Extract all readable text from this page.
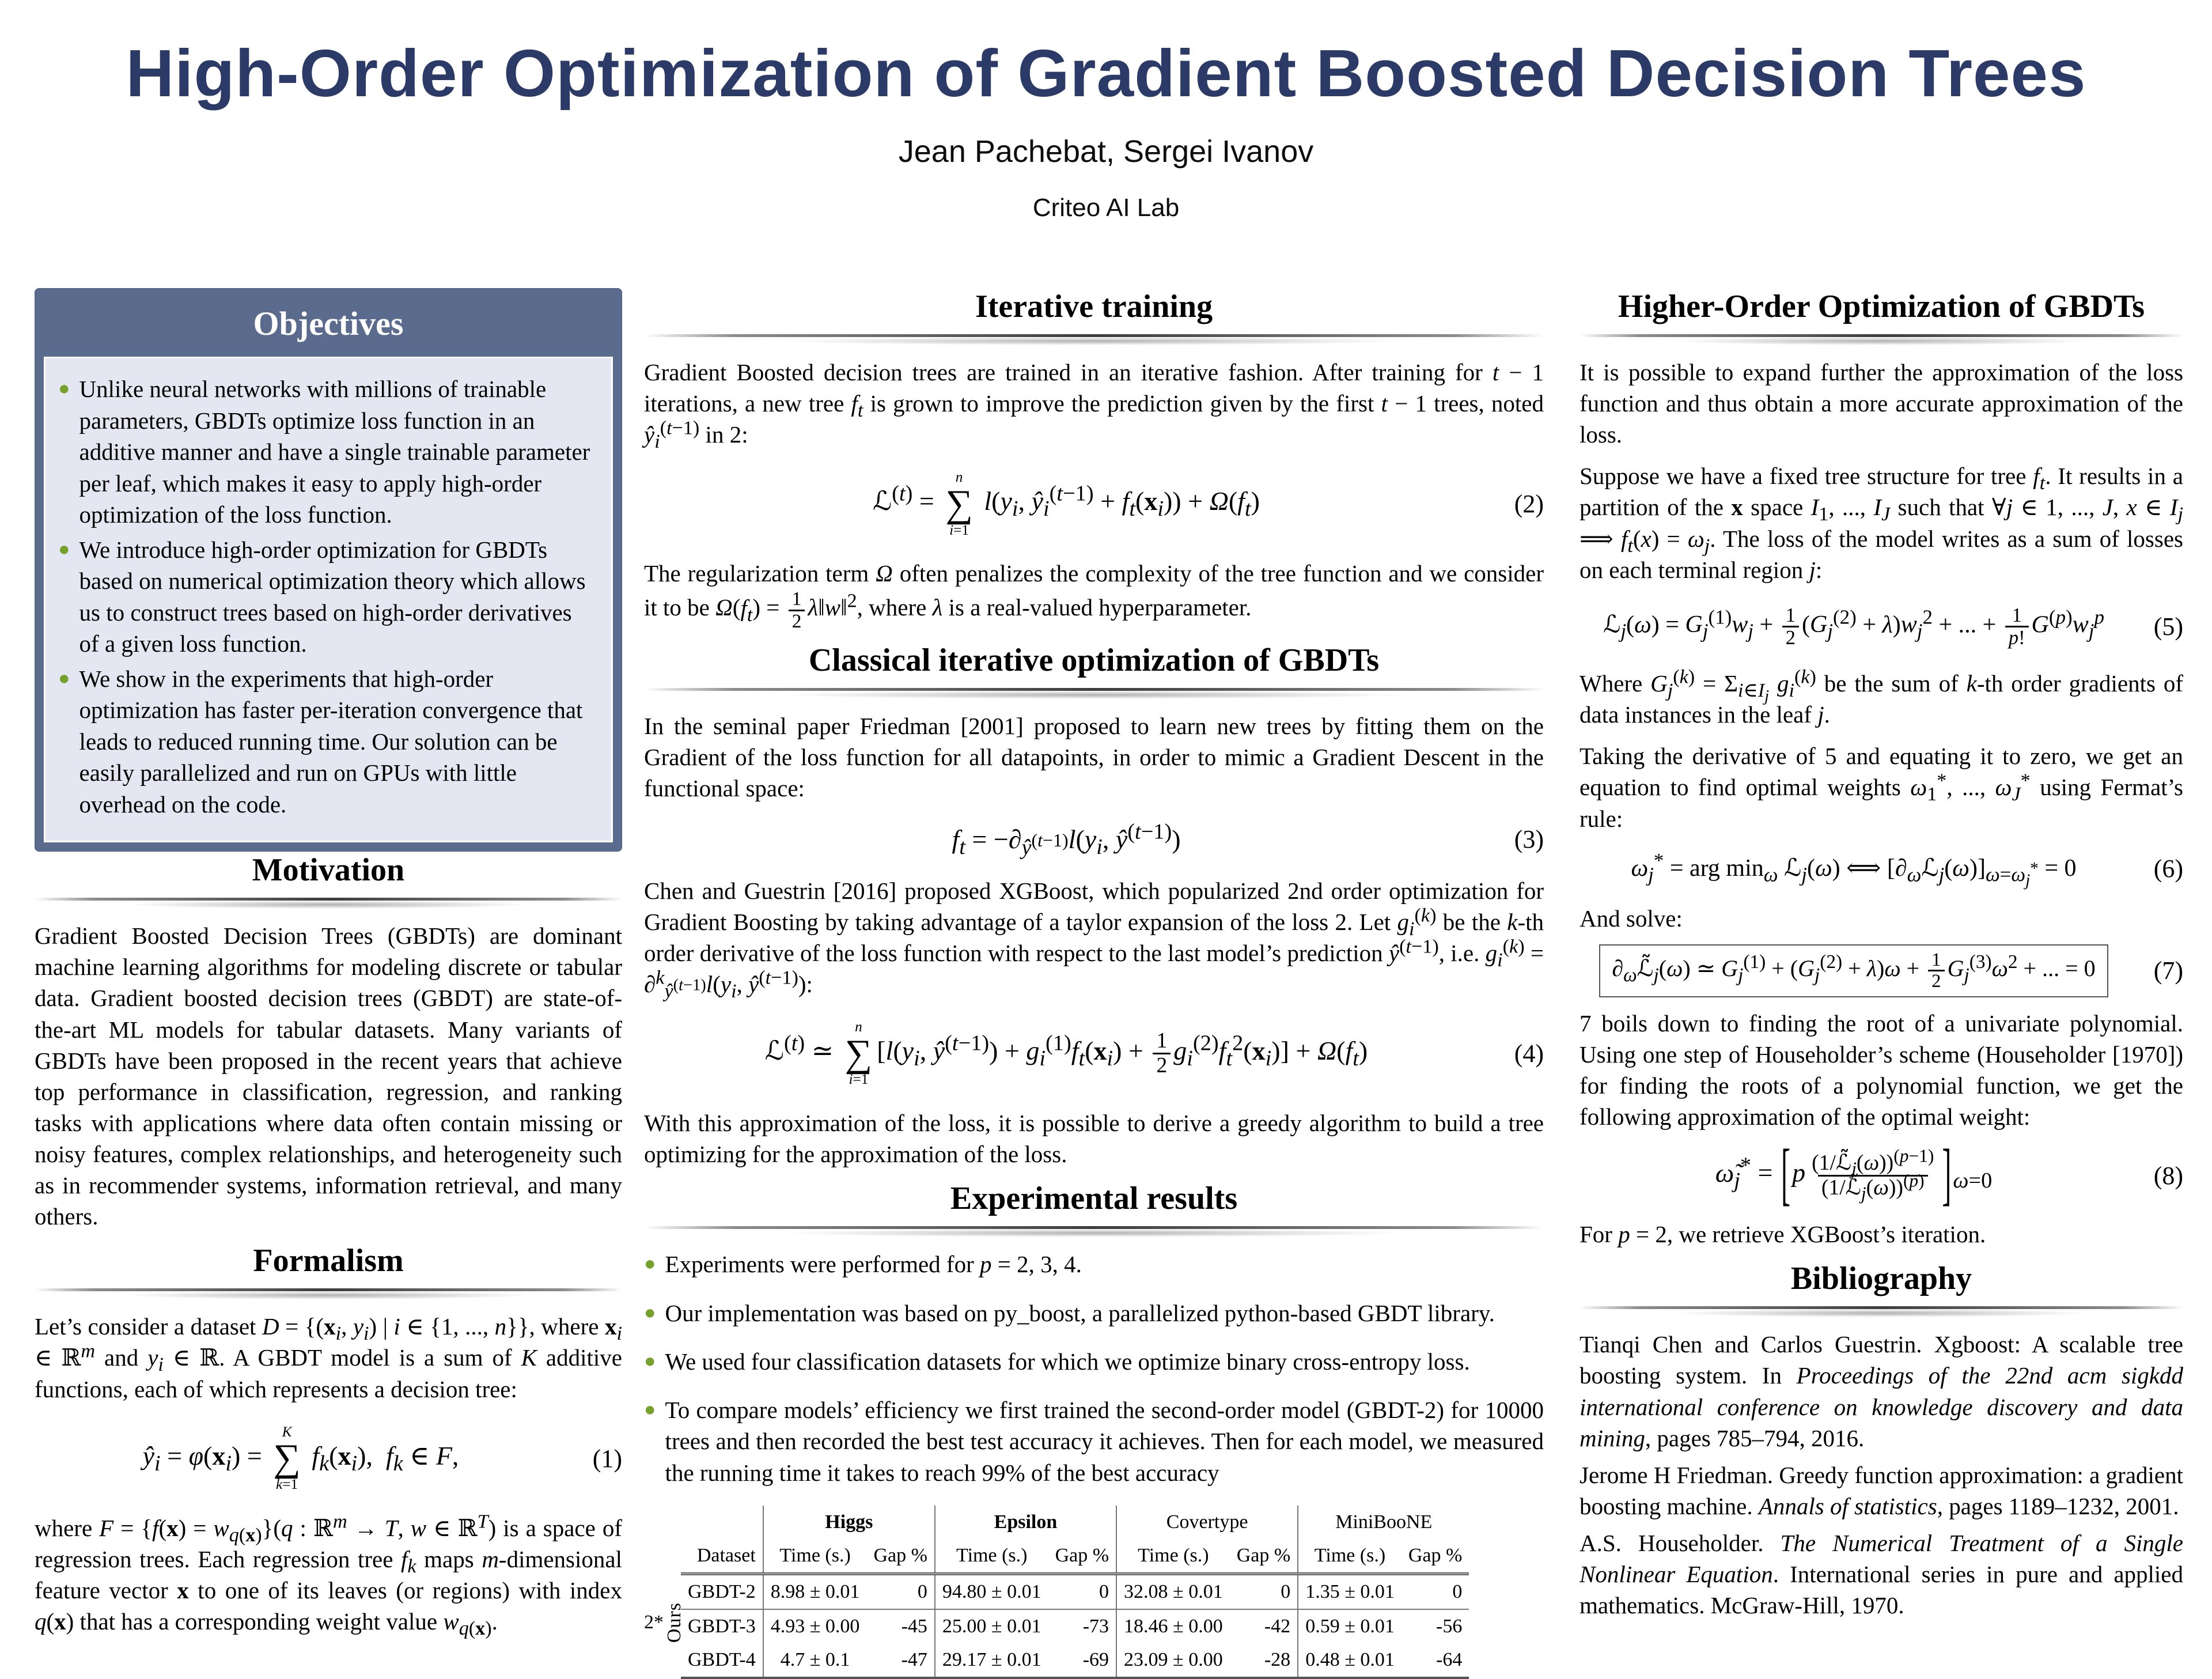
High-Order Optimization of Gradient Boosted Decision Trees
Jean Pachebat, Sergei Ivanov
Criteo AI Lab
Objectives
● Unlike neural networks with millions of trainable parameters, GBDTs optimize loss function in an additive manner and have a single trainable parameter per leaf, which makes it easy to apply high-order optimization of the loss function.
● We introduce high-order optimization for GBDTs based on numerical optimization theory which allows us to construct trees based on high-order derivatives of a given loss function.
● We show in the experiments that high-order optimization has faster per-iteration convergence that leads to reduced running time. Our solution can be easily parallelized and run on GPUs with little overhead on the code.
Motivation

Gradient Boosted Decision Trees (GBDTs) are dominant machine learning algorithms for modeling discrete or tabular data. Gradient boosted decision trees (GBDT) are state-of-the-art ML models for tabular datasets. Many variants of GBDTs have been proposed in the recent years that achieve top performance in classification, regression, and ranking tasks with applications where data often contain missing or noisy features, complex relationships, and heterogeneity such as in recommender systems, information retrieval, and many others.

Formalism

Let’s consider a dataset $D = \{(x_i$, $y_i$) | i ∈ {1, ..., n}}, where $x_i$ ∈ ℝ$^m$ and $y_i$ ∈ ℝ. A GBDT model is a sum of K additive functions, each of which represents a decision tree:

$ŷ_i = \varphi(x_i)$ =
K
∑
k=1
$f_k(x_i)$,  $f_k$ ∈ F,	(1)

where $F = \{f(x) = w_{q(x)}\}(q$ : ℝ$^m$ → T, w ∈ ℝ$^T$) is a space of regression trees. Each regression tree $f_k$ maps m-dimensional feature vector x to one of its leaves (or regions) with index q(x) that has a corresponding weight value $w_{q(x)}$.

Iterative training

Gradient Boosted decision trees are trained in an iterative fashion. After training for t − 1 iterations, a new tree $f_t$ is grown to improve the prediction given by the first t − 1 trees, noted $ŷ_i^{(t-1)}$ in 2:

ℒ$^{(t)}$ =
n
∑
i=1
$l(y_i$, $ŷ_i^{(t-1)} + f_t(x_i)) + \Omega(f_t)$	(2)

The regularization term Ω often penalizes the complexity of the tree function and we consider it to be $\Omega(f_t) = \frac{1}{2}$ λ‖w‖$^2$, where λ is a real-valued hyperparameter.

Classical iterative optimization of GBDTs

In the seminal paper Friedman [2001] proposed to learn new trees by fitting them on the Gradient of the loss function for all datapoints, in order to mimic a Gradient Descent in the functional space:

$f_t = -\partial_{ŷ^{(t-1)}}l(y_i$, $ŷ^{(t-1)}$)	(3)

Chen and Guestrin [2016] proposed XGBoost, which popularized 2nd order optimization for Gradient Boosting by taking advantage of a taylor expansion of the loss 2. Let $g_i^{(k)}$ be the k-th order derivative of the loss function with respect to the last model’s prediction $ŷ^{(t-1)}$, i.e. $g_i^{(k)} = \partial^k_{ŷ^{(t-1)}}l(y_i$, $ŷ^{(t-1)}$):

ℒ$^{(t)}$ ≃
n
∑
i=1
[$l(y_i$, $ŷ^{(t-1)}) + g_i^{(1)}f_t(x_i) + \frac{1}{2} g_i^{(2)}f_t^2(x_i)] + \Omega(f_t)$	(4)

With this approximation of the loss, it is possible to derive a greedy algorithm to build a tree optimizing for the approximation of the loss.

Experimental results
● Experiments were performed for p = 2, 3, 4.
● Our implementation was based on py_boost, a parallelized python-based GBDT library.
● We used four classification datasets for which we optimize binary cross-entropy loss.
● To compare models’ efficiency we first trained the second-order model (GBDT-2) for 10000 trees and then recorded the best test accuracy it achieves. Then for each model, we measured the running time it takes to reach 99% of the best accuracy
2* Ours
	Higgs		Epsilon		Covertype		MiniBooNE	
Dataset	Time (s.)	Gap %	Time (s.)	Gap %	Time (s.)	Gap %	Time (s.)	Gap %
GBDT-2	8.98 ± 0.01	0	94.80 ± 0.01	0	32.08 ± 0.01	0	1.35 ± 0.01	0
GBDT-3	4.93 ± 0.00	-45	25.00 ± 0.01	-73	18.46 ± 0.00	-42	0.59 ± 0.01	-56
GBDT-4	4.7 ± 0.1	-47	29.17 ± 0.01	-69	23.09 ± 0.00	-28	0.48 ± 0.01	-64
Higher-Order Optimization of GBDTs

It is possible to expand further the approximation of the loss function and thus obtain a more accurate approximation of the loss.

Suppose we have a fixed tree structure for tree $f_t$. It results in a partition of the x space $I_1$, ..., $I_J$ such that ∀j ∈ 1, ..., J, x ∈ $I_j$ ⟹ $f_t(x) = \omega_j$. The loss of the model writes as a sum of losses on each terminal region j:

ℒ$_j$(ω) = $G_j^{(1)}w_j + \frac{1}{2} (G_j^{(2)} + \lambda)w_j^2$ + ... + $\frac{1}{p!} G^{(p)}w_j^p$	(5)

Where $G_j^{(k)} = \Sigma_{i\in I_j}$ $g_i^{(k)}$ be the sum of k-th order gradients of data instances in the leaf j.

Taking the derivative of 5 and equating it to zero, we get an equation to find optimal weights $\omega_1^*$, ..., $\omega_J^*$ using Fermat’s rule:

$\omega_j^*$ = arg $\min_\omega$ ℒ$_j$(ω) ⟺ $[\partial_\omega ℒ_j(\omega)]_{\omega=\omega_j^*} = 0$	(6)

And solve:

$\partial_\omega ℒ̃_j(\omega)$ ≃ $G_j^{(1)} + (G_j^{(2)} + \lambda)\omega + \frac{1}{2} G_j^{(3)}\omega^2$ + ... = 0	(7)

7 boils down to finding the root of a univariate polynomial. Using one step of Householder’s scheme (Householder [1970]) for finding the roots of a polynomial function, we get the following approximation of the optimal weight:

$\omegã_j^* = [p \frac{(1/ℒ̃_j(\omega))^{(p-1)}}{(1/ℒ̃_j(\omega))^{(p)}} ]_{\omega=0}$	(8)

For p = 2, we retrieve XGBoost’s iteration.

Bibliography

Tianqi Chen and Carlos Guestrin. Xgboost: A scalable tree boosting system. In Proceedings of the 22nd acm sigkdd international conference on knowledge discovery and data mining, pages 785–794, 2016.

Jerome H Friedman. Greedy function approximation: a gradient boosting machine. Annals of statistics, pages 1189–1232, 2001.

A.S. Householder. The Numerical Treatment of a Single Nonlinear Equation. International series in pure and applied mathematics. McGraw-Hill, 1970.
